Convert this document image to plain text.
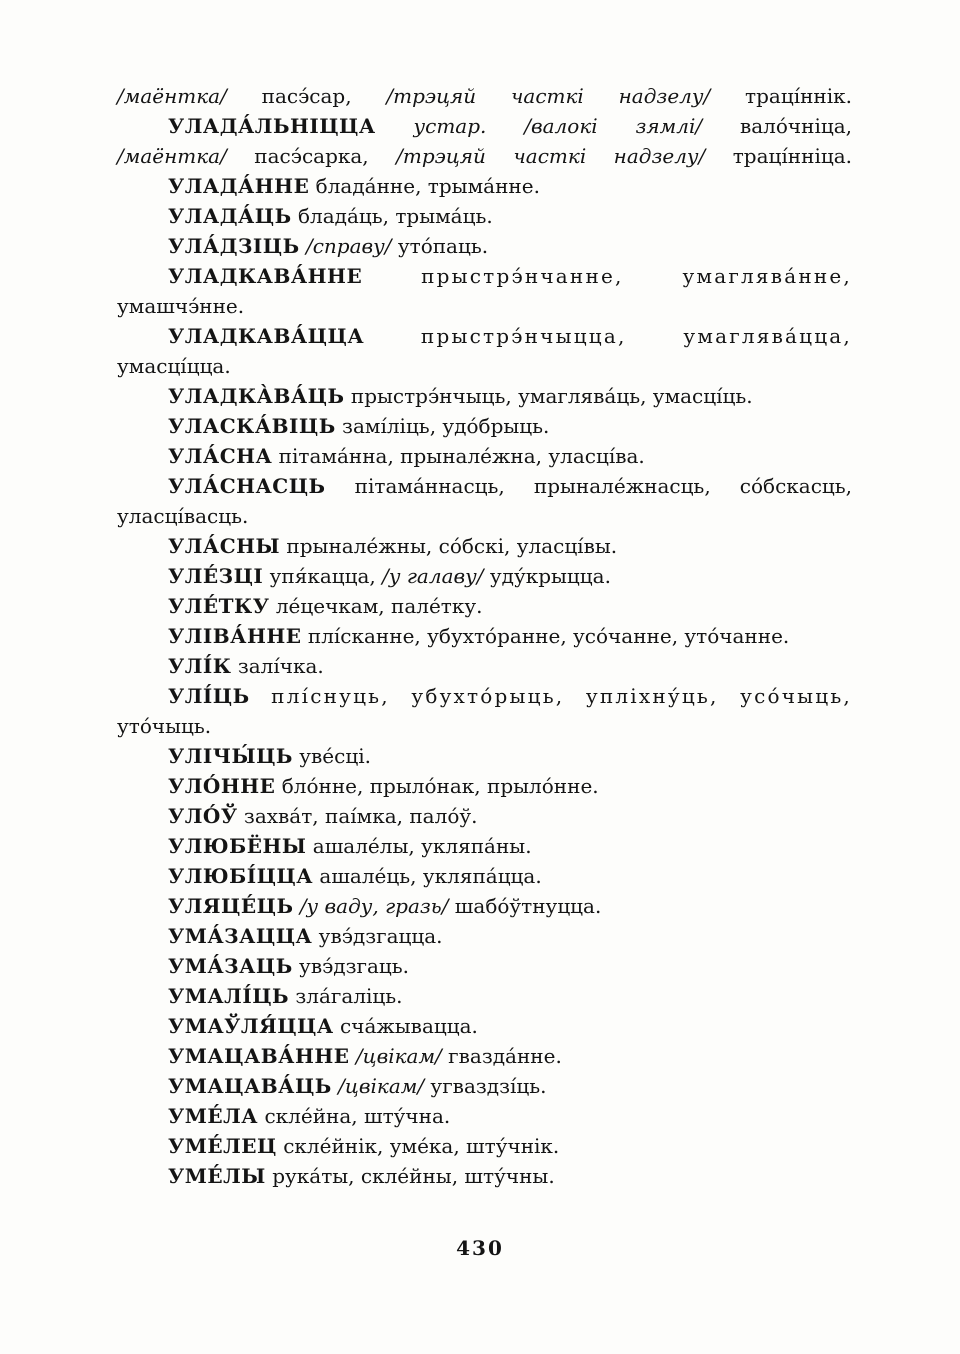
/маёнтка/ пасэ́сар, /трэцяй часткі надзелу/ траці́ннік.
УЛАДА́ЛЬНІЦЦА устар. /валокі зямлі/ вало́чніца,
/маёнтка/ пасэ́сарка, /трэцяй часткі надзелу/ траці́нніца.
УЛАДА́ННЕ блада́нне, трыма́нне.
УЛАДА́ЦЬ блада́ць, трыма́ць.
УЛА́ДЗІЦЬ /справу/ уто́паць.
УЛАДКАВА́ННЕ прыстрэ́нчанне, умаглява́нне,
умашчэ́нне.
УЛАДКАВА́ЦЦА прыстрэ́нчыцца, умаглява́цца,
умасці́цца.
УЛАДКА̀ВА́ЦЬ прыстрэ́нчыць, умаглява́ць, умасці́ць.
УЛАСКА́ВІЦЬ замі́ліць, удо́брыць.
УЛА́СНА пітама́нна, прынале́жна, уласці́ва.
УЛА́СНАСЦЬ пітама́ннасць, прынале́жнасць, со́бскасць,
уласці́васць.
УЛА́СНЫ прынале́жны, со́бскі, уласці́вы.
УЛЕ́ЗЦІ упя́кацца, /у галаву/ уду́крыцца.
УЛЕ́ТКУ ле́цечкам, пале́тку.
УЛІВА́ННЕ плі́сканне, убухто́ранне, усо́чанне, уто́чанне.
УЛІ́К залі́чка.
УЛІ́ЦЬ плі́снуць, убухто́рыць, упліхну́ць, усо́чыць,
уто́чыць.
УЛІЧЫ́ЦЬ уве́сці.
УЛО́ННЕ бло́нне, прыло́нак, прыло́нне.
УЛО́Ў захва́т, паі́мка, пало́ў.
УЛЮБЁНЫ ашале́лы, укляпа́ны.
УЛЮБІ́ЦЦА ашале́ць, укляпа́цца.
УЛЯЦЕ́ЦЬ /у ваду, гразь/ шабо́ўтнуцца.
УМА́ЗАЦЦА увэ́дзгацца.
УМА́ЗАЦЬ увэ́дзгаць.
УМАЛІ́ЦЬ зла́галіць.
УМАЎЛЯ́ЦЦА сча́жывацца.
УМАЦАВА́ННЕ /цвікам/ гвазда́нне.
УМАЦАВА́ЦЬ /цвікам/ угваздзі́ць.
УМЕ́ЛА скле́йна, шту́чна.
УМЕ́ЛЕЦ скле́йнік, уме́ка, шту́чнік.
УМЕ́ЛЫ рука́ты, скле́йны, шту́чны.
430
